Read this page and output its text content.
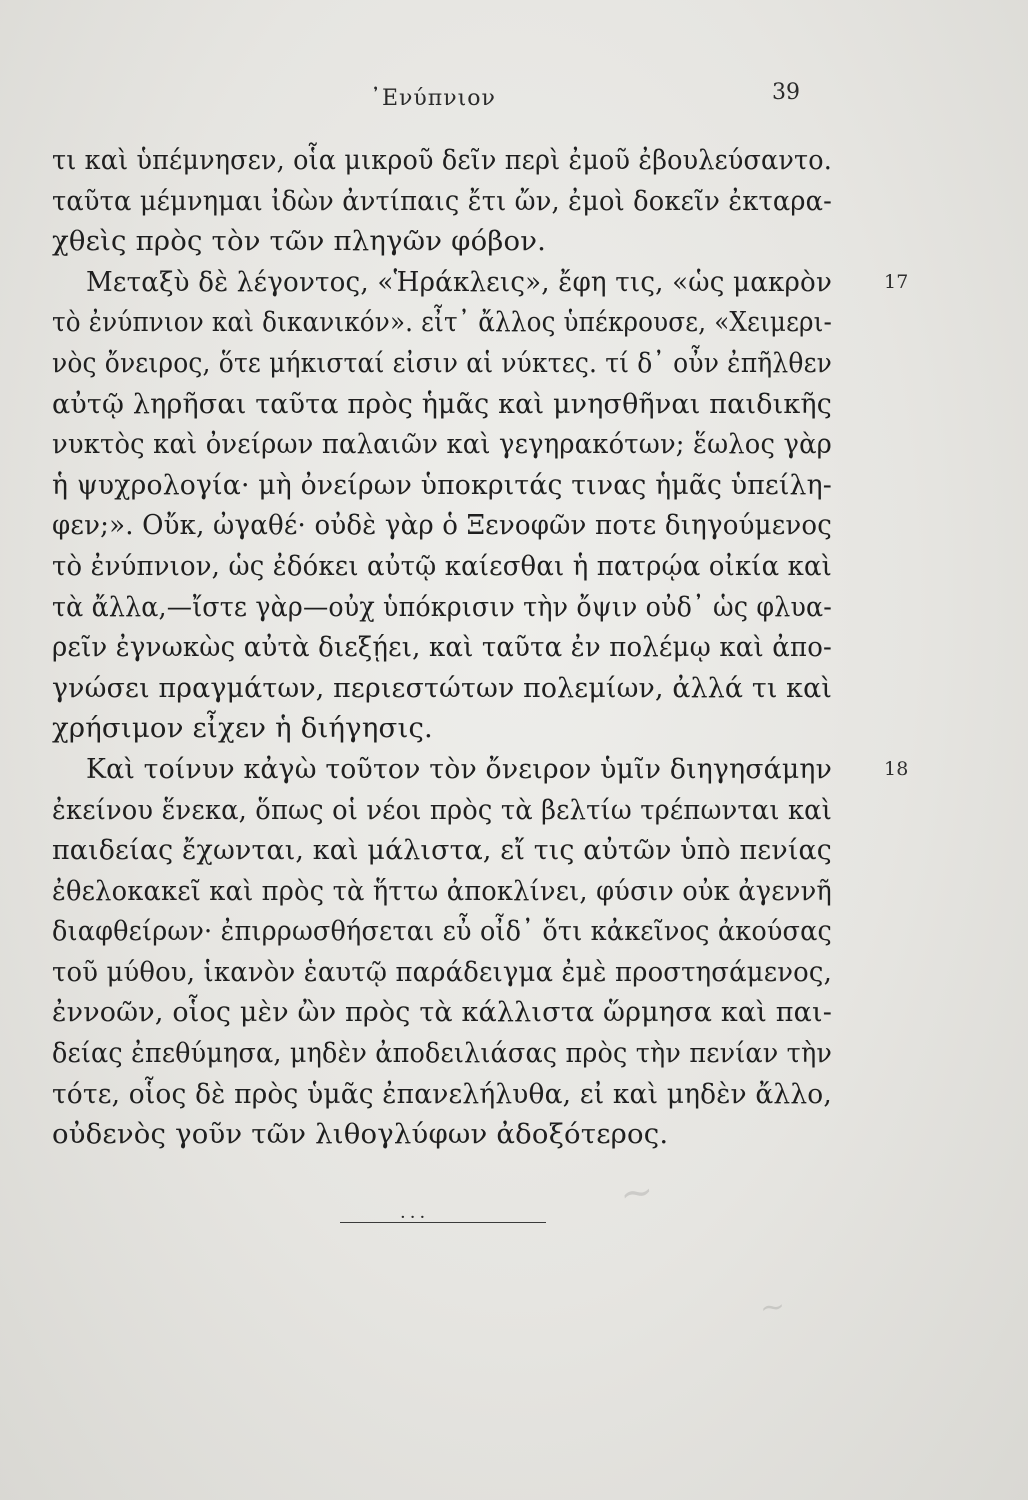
᾿Ενύπνιον	39
τι καὶ ὑπέμνησεν, οἷα μικροῦ δεῖν περὶ ἐμοῦ ἐβουλεύσαντο.
ταῦτα μέμνημαι ἰδὼν ἀντίπαις ἔτι ὤν, ἐμοὶ δοκεῖν ἐκταρα-
χθεὶς πρὸς τὸν τῶν πληγῶν φόβον.
Μεταξὺ δὲ λέγοντος, «Ἡράκλεις», ἔφη τις, «ὡς μακρὸν	17
τὸ ἐνύπνιον καὶ δικανικόν». εἶτ᾿ ἄλλος ὑπέκρουσε, «Χειμερι-
νὸς ὄνειρος, ὅτε μήκισταί εἰσιν αἱ νύκτες. τί δ᾿ οὖν ἐπῆλθεν
αὐτῷ ληρῆσαι ταῦτα πρὸς ἡμᾶς καὶ μνησθῆναι παιδικῆς
νυκτὸς καὶ ὀνείρων παλαιῶν καὶ γεγηρακότων; ἕωλος γὰρ
ἡ ψυχρολογία· μὴ ὀνείρων ὑποκριτάς τινας ἡμᾶς ὑπείλη-
φεν;». Οὔκ, ὠγαθέ· οὐδὲ γὰρ ὁ Ξενοφῶν ποτε διηγούμενος
τὸ ἐνύπνιον, ὡς ἐδόκει αὐτῷ καίεσθαι ἡ πατρῴα οἰκία καὶ
τὰ ἄλλα,—ἴστε γὰρ—οὐχ ὑπόκρισιν τὴν ὄψιν οὐδ᾿ ὡς φλυα-
ρεῖν ἐγνωκὼς αὐτὰ διεξῄει, καὶ ταῦτα ἐν πολέμῳ καὶ ἀπο-
γνώσει πραγμάτων, περιεστώτων πολεμίων, ἀλλά τι καὶ
χρήσιμον εἶχεν ἡ διήγησις.
Καὶ τοίνυν κἀγὼ τοῦτον τὸν ὄνειρον ὑμῖν διηγησάμην	18
ἐκείνου ἕνεκα, ὅπως οἱ νέοι πρὸς τὰ βελτίω τρέπωνται καὶ
παιδείας ἔχωνται, καὶ μάλιστα, εἴ τις αὐτῶν ὑπὸ πενίας
ἐθελοκακεῖ καὶ πρὸς τὰ ἥττω ἀποκλίνει, φύσιν οὐκ ἀγεννῆ
διαφθείρων· ἐπιρρωσθήσεται εὖ οἶδ᾿ ὅτι κἀκεῖνος ἀκούσας
τοῦ μύθου, ἱκανὸν ἑαυτῷ παράδειγμα ἐμὲ προστησάμενος,
ἐννοῶν, οἷος μὲν ὢν πρὸς τὰ κάλλιστα ὥρμησα καὶ παι-
δείας ἐπεθύμησα, μηδὲν ἀποδειλιάσας πρὸς τὴν πενίαν τὴν
τότε, οἷος δὲ πρὸς ὑμᾶς ἐπανελήλυθα, εἰ καὶ μηδὲν ἄλλο,
οὐδενὸς γοῦν τῶν λιθογλύφων ἀδοξότερος.
···	~
~
